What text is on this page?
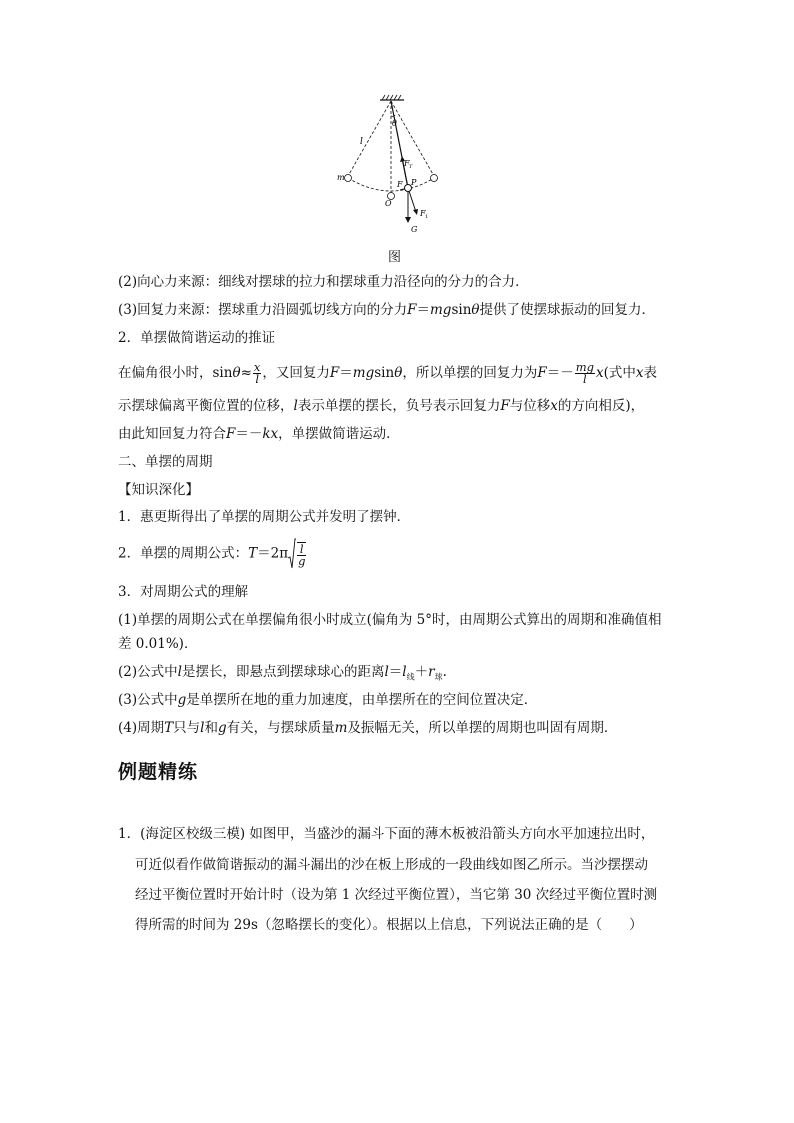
l
θ
m
O
F P
F T
F 1
G
图
(2)向心力来源：细线对摆球的拉力和摆球重力沿径向的分力的合力．
(3)回复力来源：摆球重力沿圆弧切线方向的分力F＝mgsinθ提供了使摆球振动的回复力．
2．单摆做简谐运动的推证
在偏角很小时，$\sin\theta\approx \frac{x}{l}$ ，又回复力F＝mgsinθ，所以单摆的回复力为$F=- \frac{mg}{l} x$(式中x表
示摆球偏离平衡位置的位移，l表示单摆的摆长，负号表示回复力F与位移x的方向相反)，
由此知回复力符合F＝－kx，单摆做简谐运动．
二、单摆的周期
【知识深化】
1．惠更斯得出了单摆的周期公式并发明了摆钟．
2．单摆的周期公式：$T=2\pi \frac{l}{g}$
3．对周期公式的理解
(1)单摆的周期公式在单摆偏角很小时成立(偏角为 5°时，由周期公式算出的周期和准确值相
差 0.01%)．
(2)公式中l是摆长，即悬点到摆球球心的距离$l=l_线+r_球$.
(3)公式中g是单摆所在地的重力加速度，由单摆所在的空间位置决定．
(4)周期T只与l和g有关，与摆球质量m及振幅无关，所以单摆的周期也叫固有周期．
例题精练
1．(海淀区校级三模) 如图甲，当盛沙的漏斗下面的薄木板被沿箭头方向水平加速拉出时，
可近似看作做简谐振动的漏斗漏出的沙在板上形成的一段曲线如图乙所示。当沙摆摆动
经过平衡位置时开始计时（设为第 1 次经过平衡位置），当它第 30 次经过平衡位置时测
得所需的时间为 29s（忽略摆长的变化）。根据以上信息，下列说法正确的是（　　）
